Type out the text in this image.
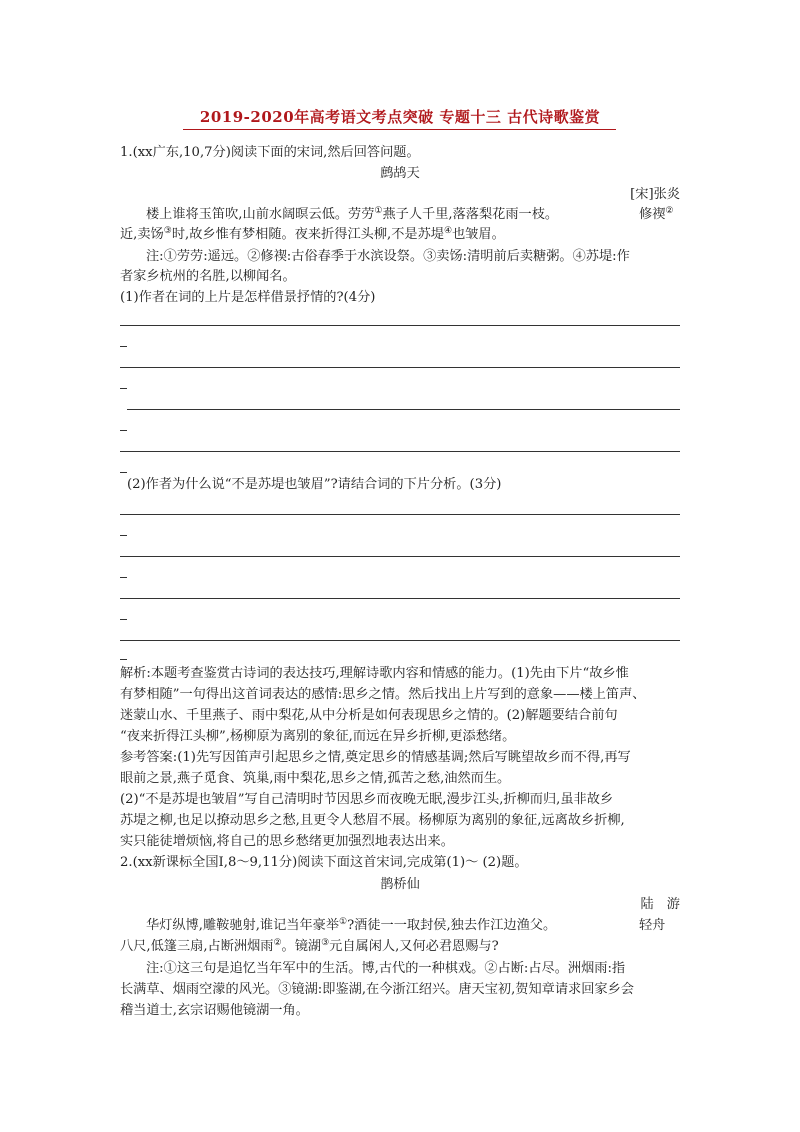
2019-2020年高考语文考点突破 专题十三 古代诗歌鉴赏
1.(xx广东,10,7分)阅读下面的宋词,然后回答问题。
鹧鸪天
[宋]张炎
楼上谁将玉笛吹,山前水阔暝云低。劳劳①燕子人千里,落落梨花雨一枝。	修禊②
近,卖饧③时,故乡惟有梦相随。夜来折得江头柳,不是苏堤④也皱眉。
注:①劳劳:遥远。②修禊:古俗春季于水滨设祭。③卖饧:清明前后卖糖粥。④苏堤:作
者家乡杭州的名胜,以柳闻名。
(1)作者在词的上片是怎样借景抒情的?(4分)
(2)作者为什么说“不是苏堤也皱眉”?请结合词的下片分析。(3分)
解析:本题考查鉴赏古诗词的表达技巧,理解诗歌内容和情感的能力。(1)先由下片“故乡惟
有梦相随”一句得出这首词表达的感情:思乡之情。然后找出上片写到的意象——楼上笛声、
迷蒙山水、千里燕子、雨中梨花,从中分析是如何表现思乡之情的。(2)解题要结合前句
“夜来折得江头柳”,杨柳原为离别的象征,而远在异乡折柳,更添愁绪。
参考答案:(1)先写因笛声引起思乡之情,奠定思乡的情感基调;然后写眺望故乡而不得,再写
眼前之景,燕子觅食、筑巢,雨中梨花,思乡之情,孤苦之愁,油然而生。
(2)“不是苏堤也皱眉”写自己清明时节因思乡而夜晚无眠,漫步江头,折柳而归,虽非故乡
苏堤之柳,也足以撩动思乡之愁,且更令人愁眉不展。杨柳原为离别的象征,远离故乡折柳,
实只能徒增烦恼,将自己的思乡愁绪更加强烈地表达出来。
2.(xx新课标全国Ⅰ,8～9,11分)阅读下面这首宋词,完成第(1)～ (2)题。
鹊桥仙
陆　游
华灯纵博,雕鞍驰射,谁记当年豪举①?酒徒一一取封侯,独去作江边渔父。	轻舟
八尺,低篷三扇,占断洲烟雨②。镜湖③元自属闲人,又何必君恩赐与?
注:①这三句是追忆当年军中的生活。博,古代的一种棋戏。②占断:占尽。洲烟雨:指
长满草、烟雨空濛的风光。③镜湖:即鉴湖,在今浙江绍兴。唐天宝初,贺知章请求回家乡会
稽当道士,玄宗诏赐他镜湖一角。
